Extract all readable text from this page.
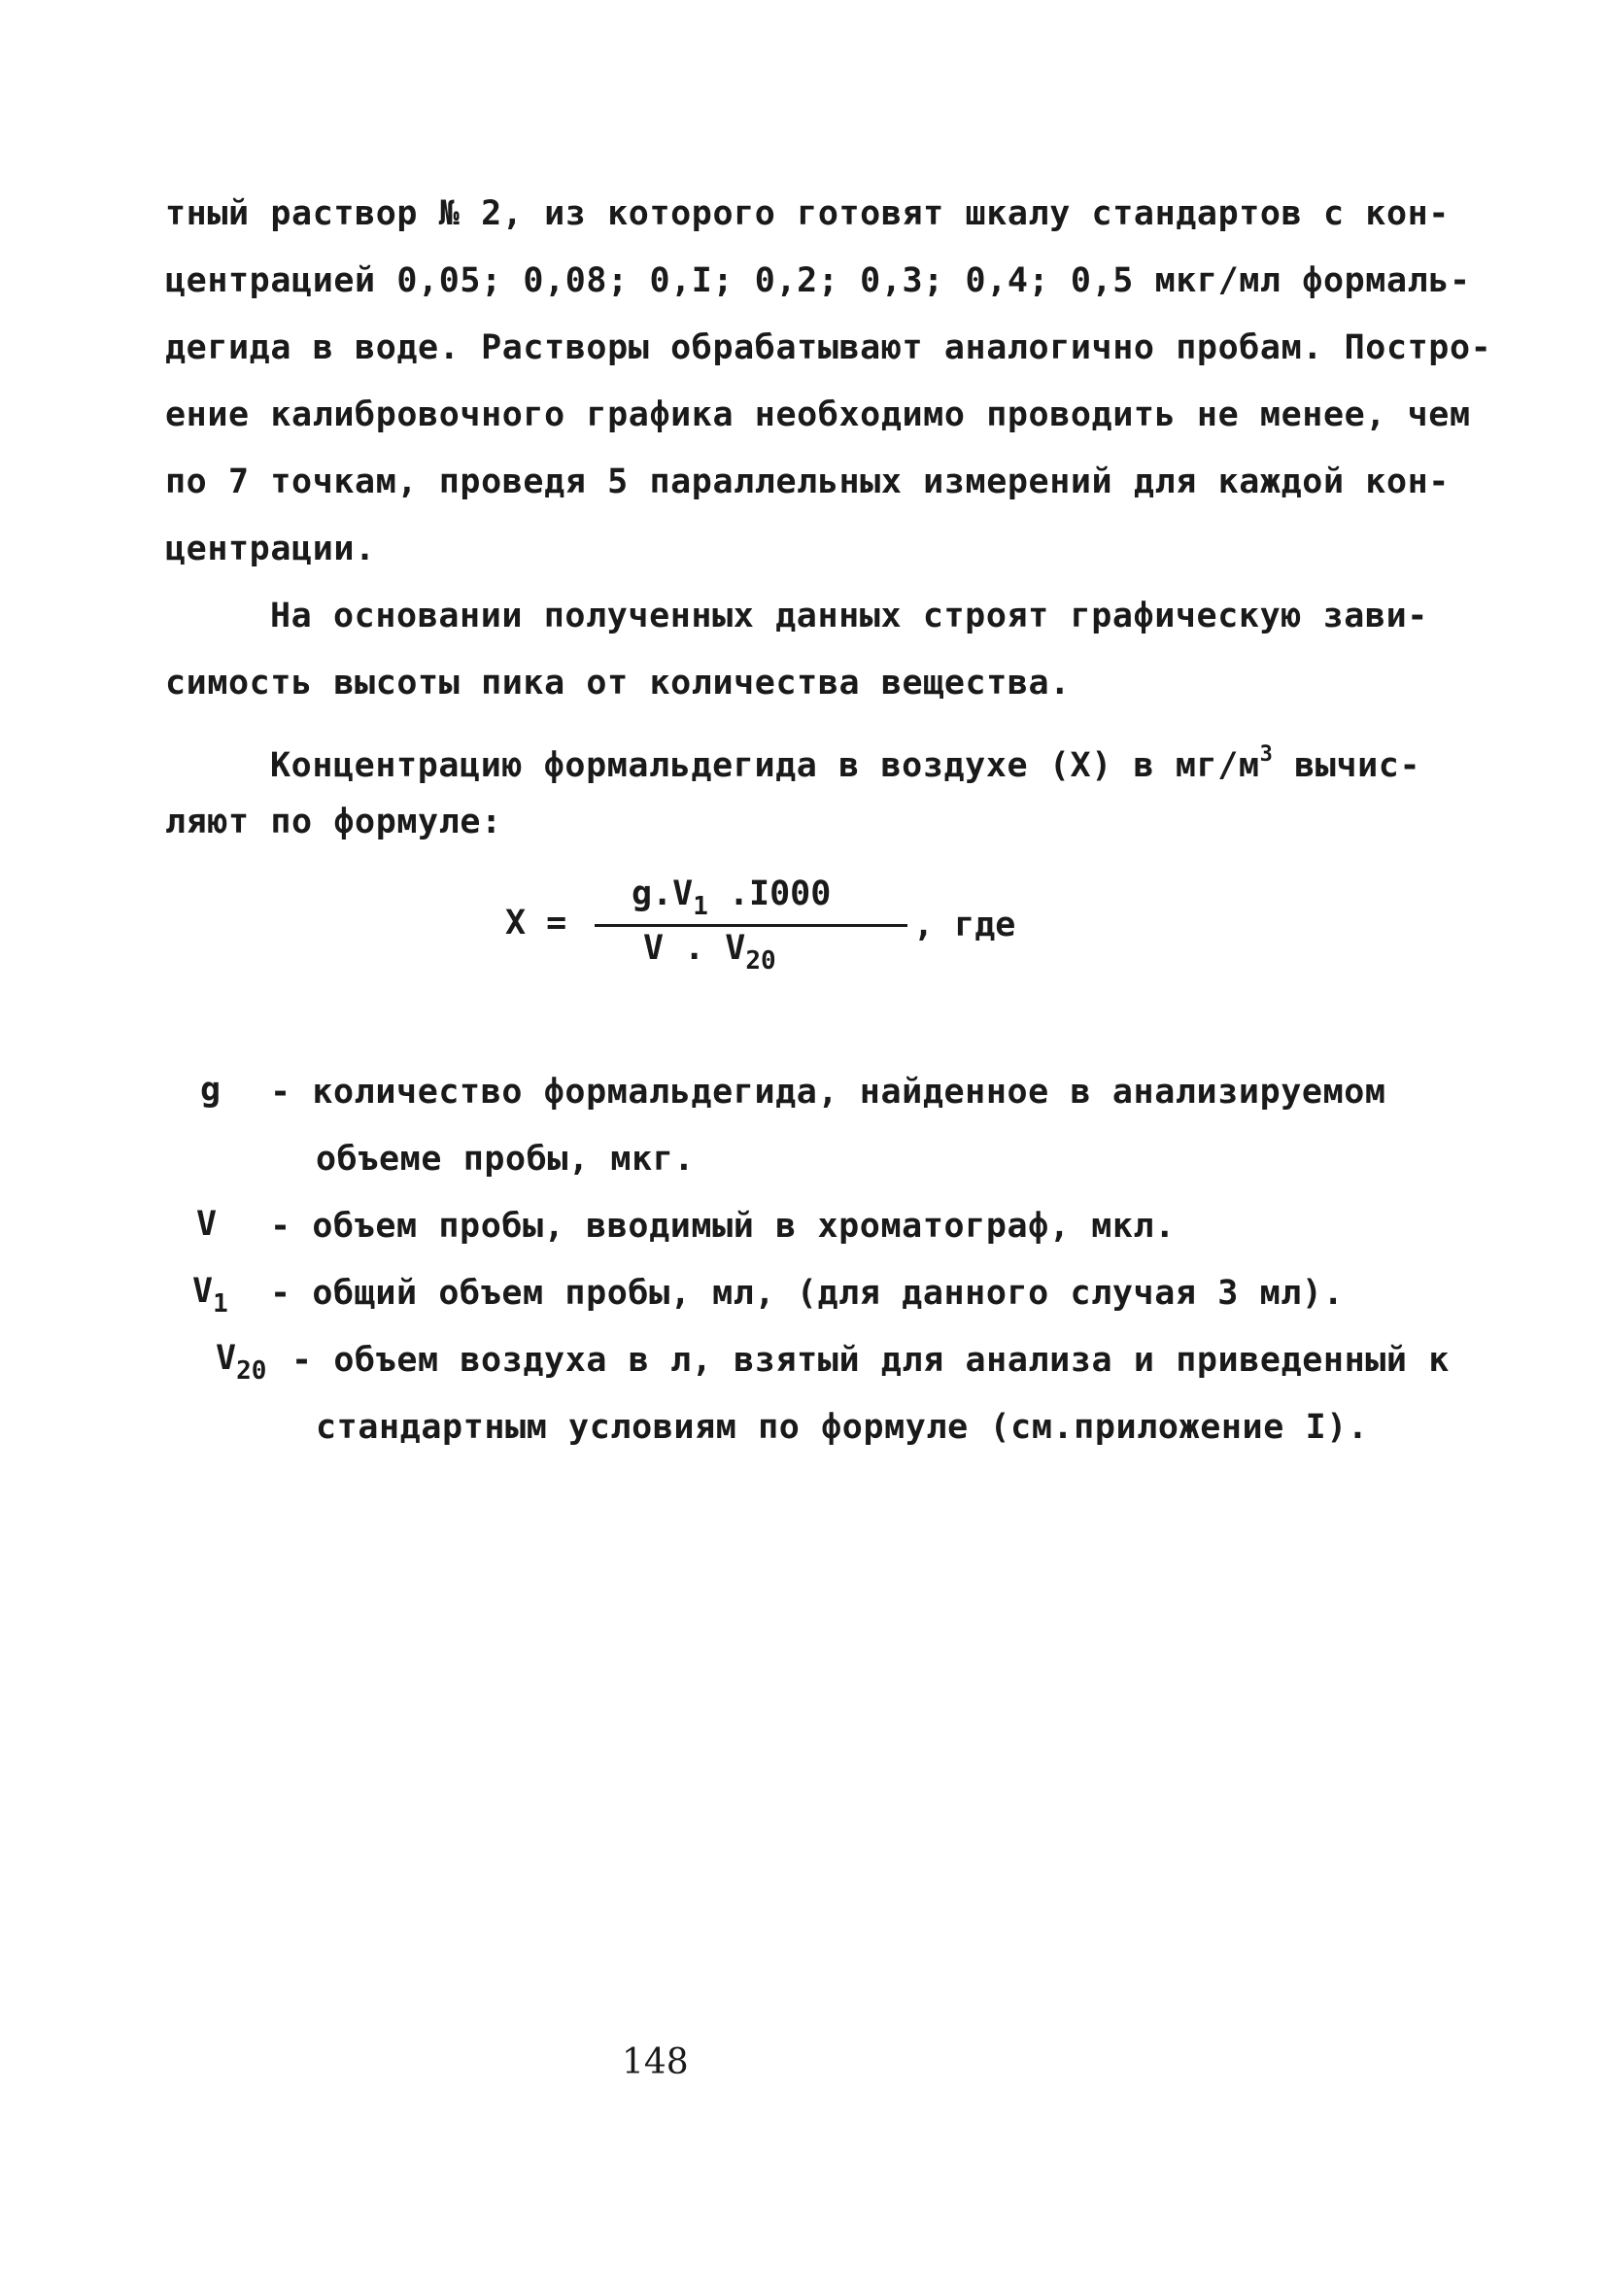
тный раствор № 2, из которого готовят шкалу стандартов с кон-
центрацией 0,05; 0,08; 0,I; 0,2; 0,3; 0,4; 0,5 мкг/мл формаль-
дегида в воде. Растворы обрабатывают аналогично пробам. Постро-
ение калибровочного графика необходимо проводить не менее, чем
по 7 точкам, проведя 5 параллельных измерений для каждой кон-
центрации.
На основании полученных данных строят графическую зави-
симость высоты пика от количества вещества.
Концентрацию формальдегида в воздухе (X) в $мг/м^3$ вычис-
ляют по формуле:
X =
$g.V_1$ .I000
V . $V_{20}$
, где
g - количество формальдегида, найденное в анализируемом
объеме пробы, мкг.
V - объем пробы, вводимый в хроматограф, мкл.
$V_1$ - общий объем пробы, мл, (для данного случая 3 мл).
$V_{20}$ - объем воздуха в л, взятый для анализа и приведенный к
стандартным условиям по формуле (см.приложение I).
148
